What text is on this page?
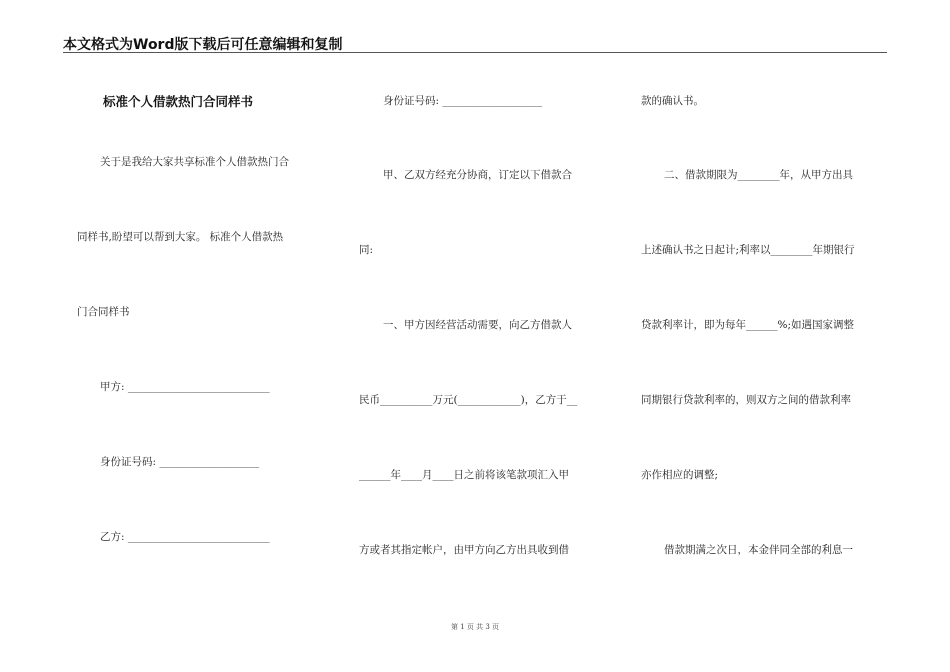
本文格式为Word版下载后可任意编辑和复制
标准个人借款热门合同样书
关于是我给大家共享标准个人借款热门合
同样书,盼望可以帮到大家。 标准个人借款热
门合同样书
甲方: ___________________________
身份证号码: ___________________
乙方: ___________________________
身份证号码: ___________________
甲、乙双方经充分协商，订定以下借款合
同:
一、甲方因经营活动需要，向乙方借款人
民币__________万元(____________)，乙方于__
______年____月____日之前将该笔款项汇入甲
方或者其指定帐户，由甲方向乙方出具收到借
款的确认书。
二、借款期限为________年，从甲方出具
上述确认书之日起计;利率以________年期银行
贷款利率计，即为每年______%;如遇国家调整
同期银行贷款利率的，则双方之间的借款利率
亦作相应的调整;
借款期满之次日，本金伴同全部的利息一
第 1 页 共 3 页
